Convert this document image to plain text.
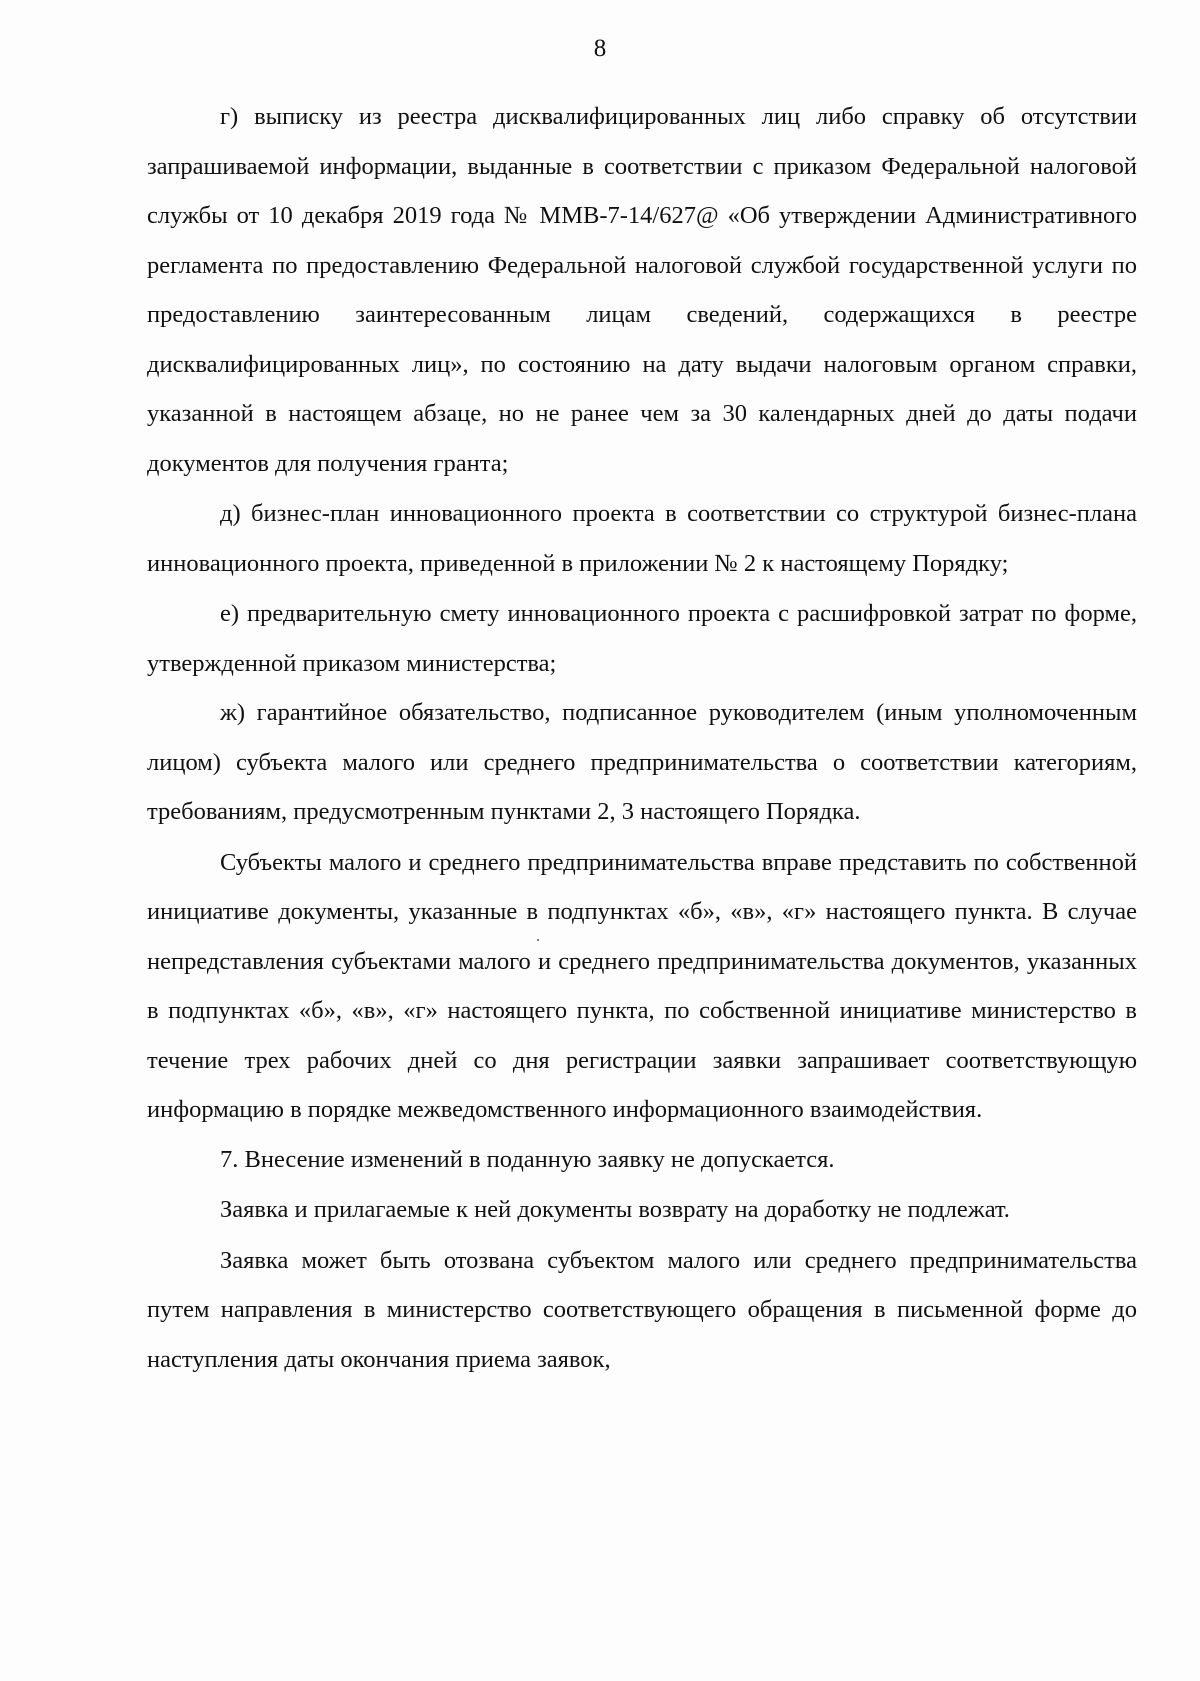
8

г) выписку из реестра дисквалифицированных лиц либо справку об отсутствии запрашиваемой информации, выданные в соответствии с приказом Федеральной налоговой службы от 10 декабря 2019 года № ММВ-7-14/627@ «Об утверждении Административного регламента по предоставлению Федеральной налоговой службой государственной услуги по предоставлению заинтересованным лицам сведений, содержащихся в реестре дисквалифицированных лиц», по состоянию на дату выдачи налоговым органом справки, указанной в настоящем абзаце, но не ранее чем за 30 календарных дней до даты подачи документов для получения гранта;

д) бизнес-план инновационного проекта в соответствии со структурой бизнес-плана инновационного проекта, приведенной в приложении № 2 к настоящему Порядку;

е) предварительную смету инновационного проекта с расшифровкой затрат по форме, утвержденной приказом министерства;

ж) гарантийное обязательство, подписанное руководителем (иным уполномоченным лицом) субъекта малого или среднего предпринимательства о соответствии категориям, требованиям, предусмотренным пунктами 2, 3 настоящего Порядка.

Субъекты малого и среднего предпринимательства вправе представить по собственной инициативе документы, указанные в подпунктах «б», «в», «г» настоящего пункта. В случае непредставления субъектами малого и среднего предпринимательства документов, указанных в подпунктах «б», «в», «г» настоящего пункта, по собственной инициативе министерство в течение трех рабочих дней со дня регистрации заявки запрашивает соответствующую информацию в порядке межведомственного информационного взаимодействия.

7. Внесение изменений в поданную заявку не допускается.

Заявка и прилагаемые к ней документы возврату на доработку не подлежат.

Заявка может быть отозвана субъектом малого или среднего предпринимательства путем направления в министерство соответствующего обращения в письменной форме до наступления даты окончания приема заявок,
